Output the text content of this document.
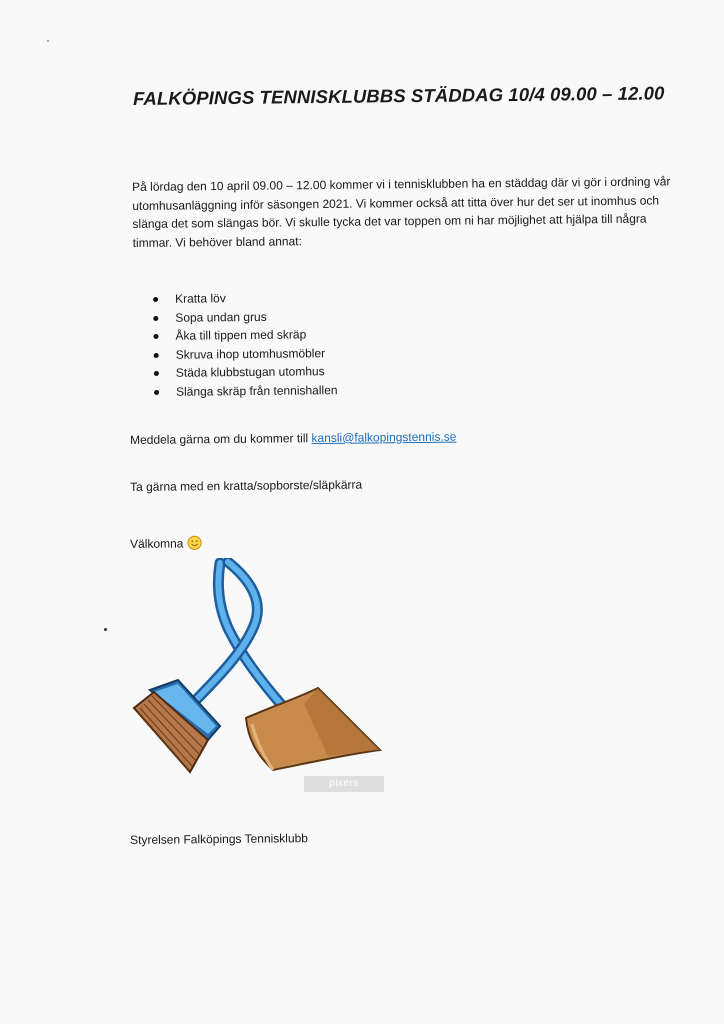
FALKÖPINGS TENNISKLUBBS STÄDDAG 10/4 09.00 – 12.00

På lördag den 10 april 09.00 – 12.00 kommer vi i tennisklubben ha en städdag där vi gör i ordning vår utomhusanläggning inför säsongen 2021. Vi kommer också att titta över hur det ser ut inomhus och slänga det som slängas bör. Vi skulle tycka det var toppen om ni har möjlighet att hjälpa till några timmar. Vi behöver bland annat:

Kratta löv
Sopa undan grus
Åka till tippen med skräp
Skruva ihop utomhusmöbler
Städa klubbstugan utomhus
Slänga skräp från tennishallen

Meddela gärna om du kommer till kansli@falkopingstennis.se

Ta gärna med en kratta/sopborste/släpkärra

Välkomna

pixers

Styrelsen Falköpings Tennisklubb
